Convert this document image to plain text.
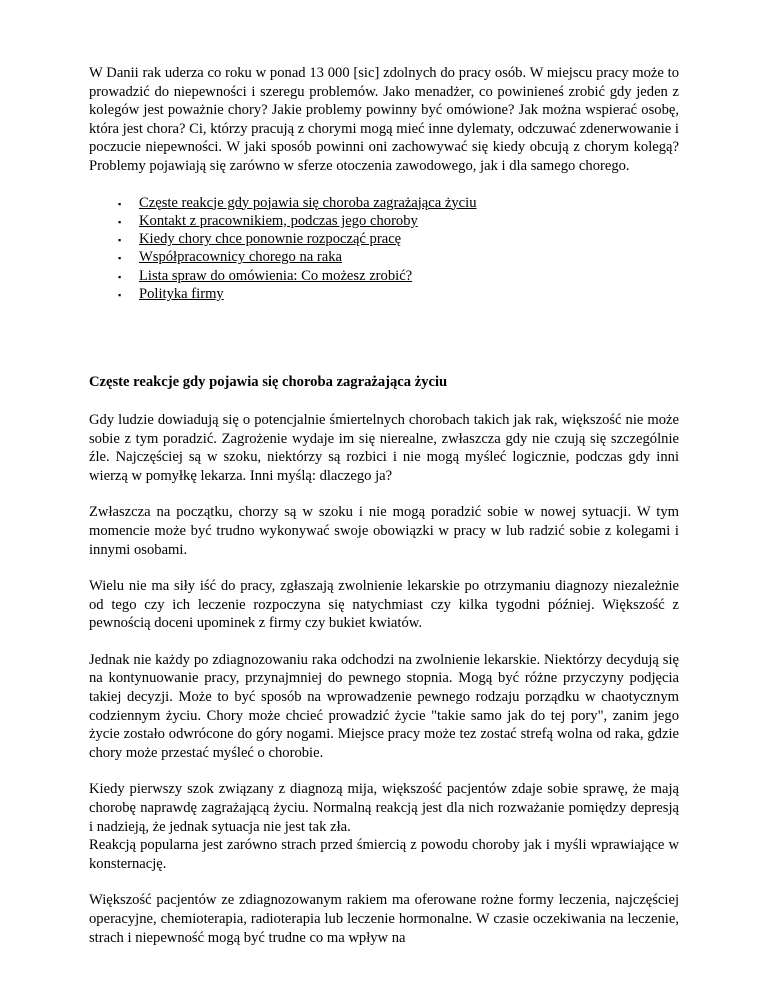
W Danii rak uderza co roku w ponad 13 000 [sic] zdolnych do pracy osób. W miejscu pracy może to prowadzić do niepewności i szeregu problemów. Jako menadżer, co powinieneś zrobić gdy jeden z kolegów jest poważnie chory? Jakie problemy powinny być omówione? Jak można wspierać osobę, która jest chora? Ci, którzy pracują z chorymi mogą mieć inne dylematy, odczuwać zdenerwowanie i poczucie niepewności. W jaki sposób powinni oni zachowywać się kiedy obcują z chorym kolegą? Problemy pojawiają się zarówno w sferze otoczenia zawodowego, jak i dla samego chorego.

▪ Częste reakcje gdy pojawia się choroba zagrażająca życiu
▪ Kontakt z pracownikiem, podczas jego choroby
▪ Kiedy chory chce ponownie rozpocząć pracę
▪ Współpracownicy chorego na raka
▪ Lista spraw do omówienia: Co możesz zrobić?
▪ Polityka firmy
Częste reakcje gdy pojawia się choroba zagrażająca życiu

Gdy ludzie dowiadują się o potencjalnie śmiertelnych chorobach takich jak rak, większość nie może sobie z tym poradzić. Zagrożenie wydaje im się nierealne, zwłaszcza gdy nie czują się szczególnie źle. Najczęściej są w szoku, niektórzy są rozbici i nie mogą myśleć logicznie, podczas gdy inni wierzą w pomyłkę lekarza. Inni myślą: dlaczego ja?

Zwłaszcza na początku, chorzy są w szoku i nie mogą poradzić sobie w nowej sytuacji. W tym momencie może być trudno wykonywać swoje obowiązki w pracy w lub radzić sobie z kolegami i innymi osobami.

Wielu nie ma siły iść do pracy, zgłaszają zwolnienie lekarskie po otrzymaniu diagnozy niezależnie od tego czy ich leczenie rozpoczyna się natychmiast czy kilka tygodni później. Większość z pewnością doceni upominek z firmy czy bukiet kwiatów.

Jednak nie każdy po zdiagnozowaniu raka odchodzi na zwolnienie lekarskie. Niektórzy decydują się na kontynuowanie pracy, przynajmniej do pewnego stopnia. Mogą być różne przyczyny podjęcia takiej decyzji. Może to być sposób na wprowadzenie pewnego rodzaju porządku w chaotycznym codziennym życiu. Chory może chcieć prowadzić życie "takie samo jak do tej pory", zanim jego życie zostało odwrócone do góry nogami. Miejsce pracy może tez zostać strefą wolna od raka, gdzie chory może przestać myśleć o chorobie.

Kiedy pierwszy szok związany z diagnozą mija, większość pacjentów zdaje sobie sprawę, że mają chorobę naprawdę zagrażającą życiu. Normalną reakcją jest dla nich rozważanie pomiędzy depresją i nadzieją, że jednak sytuacja nie jest tak zła.

Reakcją popularna jest zarówno strach przed śmiercią z powodu choroby jak i myśli wprawiające w konsternację.

Większość pacjentów ze zdiagnozowanym rakiem ma oferowane rożne formy leczenia, najczęściej operacyjne, chemioterapia, radioterapia lub leczenie hormonalne. W czasie oczekiwania na leczenie, strach i niepewność mogą być trudne co ma wpływ na
